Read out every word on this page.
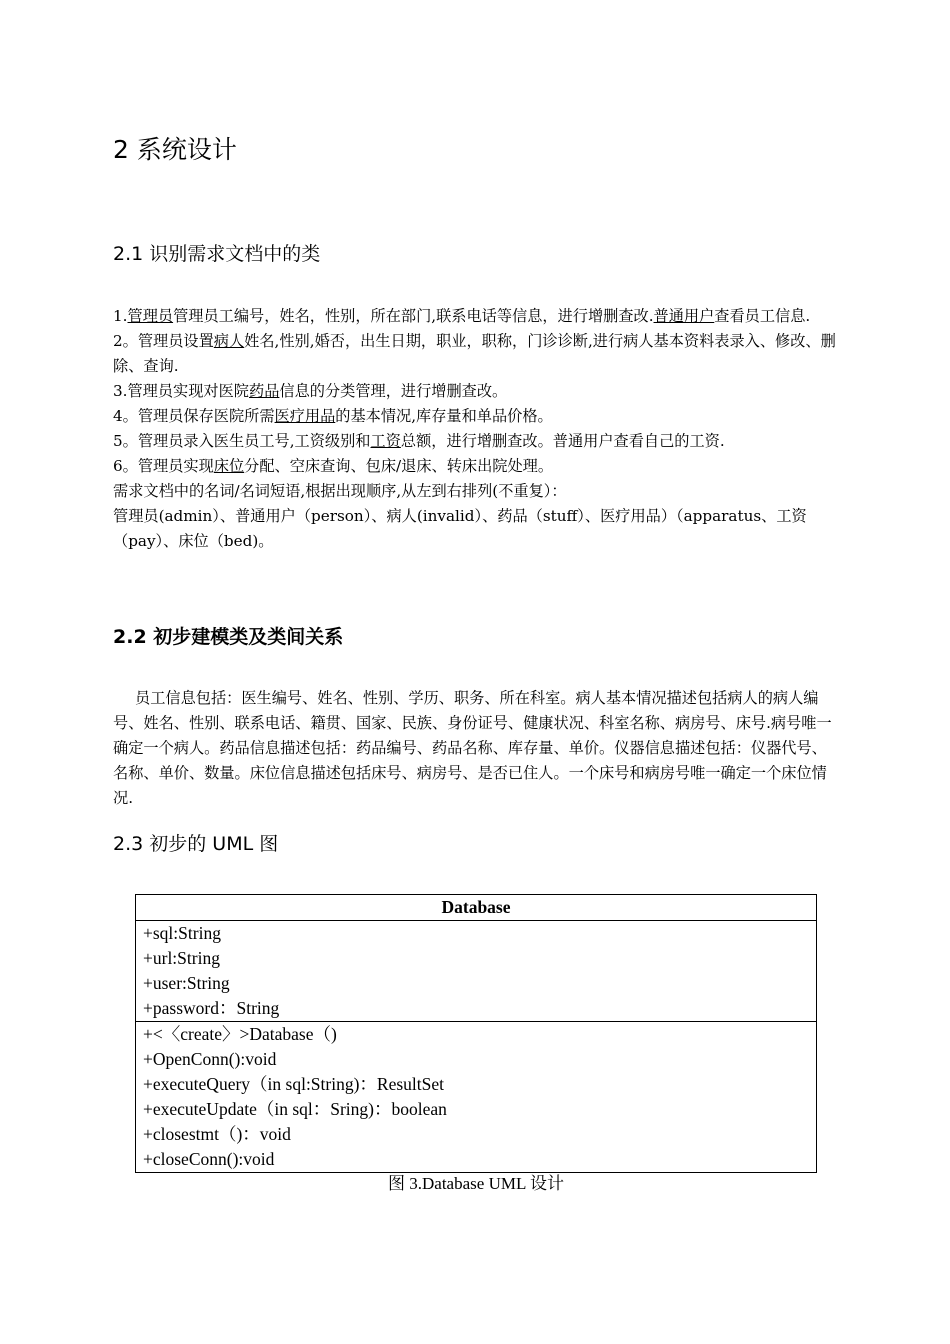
2 系统设计
2.1 识别需求文档中的类

1.管理员管理员工编号，姓名，性别，所在部门,联系电话等信息，进行增删查改.普通用户查看员工信息.

2。管理员设置病人姓名,性别,婚否，出生日期，职业，职称，门诊诊断,进行病人基本资料表录入、修改、删除、查询.

3.管理员实现对医院药品信息的分类管理，进行增删查改。

4。管理员保存医院所需医疗用品的基本情况,库存量和单品价格。

5。管理员录入医生员工号,工资级别和工资总额，进行增删查改。普通用户查看自己的工资.

6。管理员实现床位分配、空床查询、包床/退床、转床出院处理。

需求文档中的名词/名词短语,根据出现顺序,从左到右排列(不重复）：

管理员(admin）、普通用户（person）、病人(invalid）、药品（stuff）、医疗用品）（apparatus、工资（pay）、床位（bed)。

2.2 初步建模类及类间关系
员工信息包括：医生编号、姓名、性别、学历、职务、所在科室。病人基本情况描述包括病人的病人编号、姓名、性别、联系电话、籍贯、国家、民族、身份证号、健康状况、科室名称、病房号、床号.病号唯一确定一个病人。药品信息描述包括：药品编号、药品名称、库存量、单价。仪器信息描述包括：仪器代号、名称、单价、数量。床位信息描述包括床号、病房号、是否已住人。一个床号和病房号唯一确定一个床位情况.
2.3 初步的 UML 图
Database
+sql:String
+url:String
+user:String
+password：String
+<〈create〉>Database（)
+OpenConn():void
+executeQuery（in sql:String)：ResultSet
+executeUpdate（in sql：Sring)：boolean
+closestmt（)：void
+closeConn():void
图 3.Database UML 设计
